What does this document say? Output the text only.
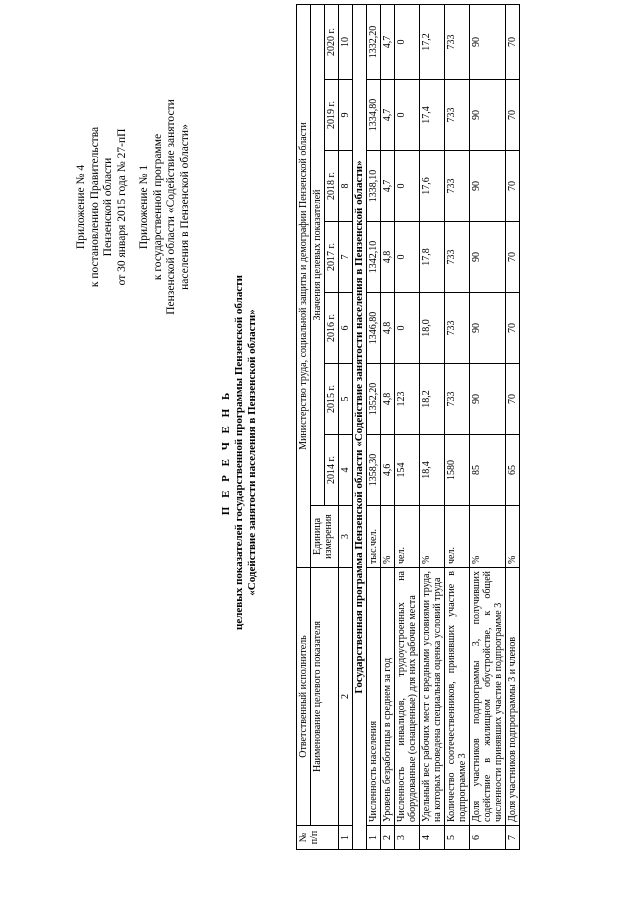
Приложение № 4 к постановлению Правительства Пензенской области от 30 января 2015 года № 27-пП Приложение № 1 к государственной программе Пензенской области «Содействие занятости населения в Пензенской области»
П Е Р Е Ч Е Н Ь целевых показателей государственной программы Пензенской области «Содействие занятости населения в Пензенской области»
№ п/п	Ответственный исполнитель	Министерство труда, социальной защиты и демографии Пензенской области							
	Наименование целевого показателя	Единица измерения	Значения целевых показателей						
			2014 г.	2015 г.	2016 г.	2017 г.	2018 г.	2019 г.	2020 г.
1	2	3	4	5	6	7	8	9	10
Государственная программа Пензенской области «Содействие занятости населения в Пензенской области»									
1	Численность населения	тыс.чел.	1358,30	1352,20	1346,80	1342,10	1338,10	1334,80	1332,20
2	Уровень безработицы в среднем за год	%	4,6	4,8	4,8	4,8	4,7	4,7	4,7
3	Численность инвалидов, трудоустроенных на оборудованные (оснащенные) для них рабочие места	чел.	154	123	0	0	0	0	0
4	Удельный вес рабочих мест с вредными условиями труда, на которых проведена специальная оценка условий труда	%	18,4	18,2	18,0	17,8	17,6	17,4	17,2
5	Количество соотечественников, принявших участие в подпрограмме 3	чел.	1580	733	733	733	733	733	733
6	Доля участников подпрограммы 3, получивших содействие в жилищном обустройстве, к общей численности принявших участие в подпрограмме 3	%	85	90	90	90	90	90	90
7	Доля участников подпрограммы 3 и членов	%	65	70	70	70	70	70	70
